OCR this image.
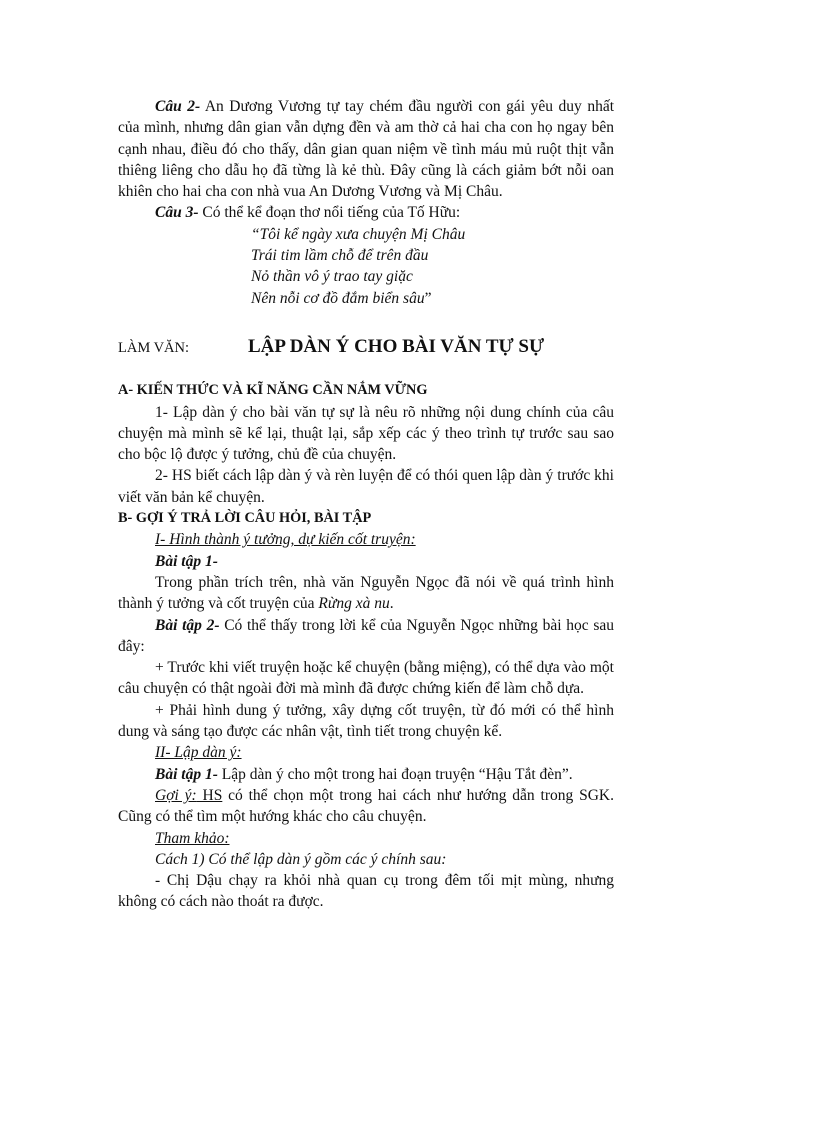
Câu 2- An Dương Vương tự tay chém đầu người con gái yêu duy nhất của mình, nhưng dân gian vẫn dựng đền và am thờ cả hai cha con họ ngay bên cạnh nhau, điều đó cho thấy, dân gian quan niệm về tình máu mủ ruột thịt vẫn thiêng liêng cho dẫu họ đã từng là kẻ thù. Đây cũng là cách giảm bớt nỗi oan khiên cho hai cha con nhà vua An Dương Vương và Mị Châu.

Câu 3- Có thể kể đoạn thơ nổi tiếng của Tố Hữu:

“Tôi kể ngày xưa chuyện Mị Châu

Trái tim lầm chỗ để trên đầu

Nỏ thần vô ý trao tay giặc

Nên nỗi cơ đồ đắm biển sâu”

LÀM VĂN:	LẬP DÀN Ý CHO BÀI VĂN TỰ SỰ

A- KIẾN THỨC VÀ KĨ NĂNG CẦN NẮM VỮNG

1- Lập dàn ý cho bài văn tự sự là nêu rõ những nội dung chính của câu chuyện mà mình sẽ kể lại, thuật lại, sắp xếp các ý theo trình tự trước sau sao cho bộc lộ được ý tưởng, chủ đề của chuyện.

2- HS biết cách lập dàn ý và rèn luyện để có thói quen lập dàn ý trước khi viết văn bản kể chuyện.

B- GỢI Ý TRẢ LỜI CÂU HỎI, BÀI TẬP

I- Hình thành ý tưởng, dự kiến cốt truyện:

Bài tập 1-

Trong phần trích trên, nhà văn Nguyễn Ngọc đã nói về quá trình hình thành ý tưởng và cốt truyện của Rừng xà nu.

Bài tập 2- Có thể thấy trong lời kể của Nguyễn Ngọc những bài học sau đây:

+ Trước khi viết truyện hoặc kể chuyện (bằng miệng), có thể dựa vào một câu chuyện có thật ngoài đời mà mình đã được chứng kiến để làm chỗ dựa.

+ Phải hình dung ý tưởng, xây dựng cốt truyện, từ đó mới có thể hình dung và sáng tạo được các nhân vật, tình tiết trong chuyện kể.

II- Lập dàn ý:

Bài tập 1- Lập dàn ý cho một trong hai đoạn truyện “Hậu Tắt đèn”.

Gợi ý: HS có thể chọn một trong hai cách như hướng dẫn trong SGK. Cũng có thể tìm một hướng khác cho câu chuyện.

Tham khảo:

Cách 1) Có thể lập dàn ý gồm các ý chính sau:

- Chị Dậu chạy ra khỏi nhà quan cụ trong đêm tối mịt mùng, nhưng không có cách nào thoát ra được.
